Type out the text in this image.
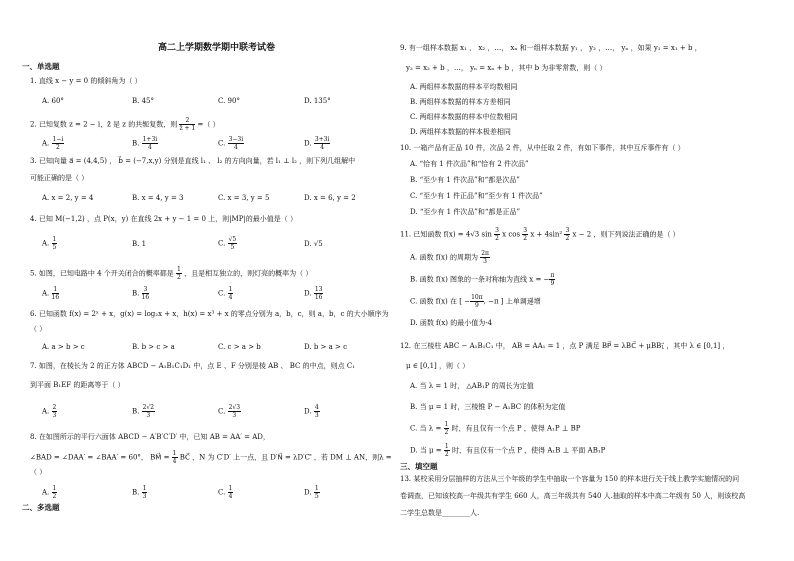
高二上学期数学期中联考试卷
一、单选题
1. 直线 x − y = 0 的倾斜角为（ ）
A. 60°	B. 45°	C. 90°	D. 135°
2. 已知复数 z = 2 − i，z̄ 是 z 的共轭复数，则 $\frac{2}{z̄ + 1}$ =（ ）
A. $\frac{1-i}{2}$	B. $\frac{1+3i}{4}$	C. $\frac{3-3i}{4}$	D. $\frac{3+3i}{4}$
3. 已知向量 a⃗ = (4,4,5) ， b⃗ = (−7,x,y) 分别是直线 l₁ 、 l₂ 的方向向量，若 l₁ ⊥ l₂ ，则下列几组解中
可能正确的是（ ）
A. x = 2, y = 4	B. x = 4, y = 3	C. x = 3, y = 5	D. x = 6, y = 2
4. 已知 M(−1,2) ，点 P(x，y) 在直线 2x + y − 1 = 0 上，则|MP|的最小值是（ ）
A. $\frac{1}{5}$	B. 1	C. $\frac{√5}{5}$	D. √5
5. 如图，已知电路中 4 个开关闭合的概率都是 $\frac{1}{2}$ ，且是相互独立的，则灯亮的概率为（ ）
A. $\frac{1}{16}$	B. $\frac{3}{16}$	C. $\frac{1}{4}$	D. $\frac{13}{16}$
6. 已知函数 f(x) = 2ˣ + x，g(x) = log₂x + x，h(x) = x³ + x 的零点分别为 a，b，c，则 a，b，c 的大小顺序为
（ ）
A. a > b > c	B. b > c > a	C. c > a > b	D. b > a > c
7. 如图，在棱长为 2 的正方体 ABCD − A₁B₁C₁D₁ 中，点 E 、F 分别是棱 AB 、 BC 的中点，则点 C₁
到平面 B₁EF 的距离等于（ ）
A. $\frac{2}{3}$	B. $\frac{2√2}{3}$	C. $\frac{2√3}{3}$	D. $\frac{4}{3}$
8. 在如图所示的平行六面体 ABCD − A′B′C′D′ 中，已知 AB = AA′ = AD，
∠BAD = ∠DAA′ = ∠BAA′ = 60°， BM⃗ = $\frac{1}{4}$ BC⃗ ，N 为 C′D′ 上一点，且 D′N⃗ = λD′C′⃗ ，若 DM ⊥ AN，则λ =
（ ）
A. $\frac{1}{2}$	B. $\frac{1}{3}$	C. $\frac{1}{4}$	D. $\frac{1}{5}$
二、多选题
9. 有一组样本数据 x₁ ， x₂ ，…， xₙ 和一组样本数据 y₁ ， y₂ ，…， yₙ ，如果 y₁ = x₁ + b ，
y₂ = x₂ + b ，…， yₙ = xₙ + b ，其中 b 为非零常数，则（ ）
A. 两组样本数据的样本平均数相同
B. 两组样本数据的样本方差相同
C. 两组样本数据的样本中位数相同
D. 两组样本数据的样本极差相同
10. 一箱产品有正品 10 件，次品 2 件，从中任取 2 件，有如下事件，其中互斥事件有（ ）
A. “恰有 1 件次品”和“恰有 2 件次品”
B. “至少有 1 件次品”和“都是次品”
C. “至少有 1 件正品”和“至少有 1 件次品”
D. “至少有 1 件次品”和“都是正品”
11. 已知函数 f(x) = 4√3 $\sin \frac{3}{2}$ x $\cos \frac{3}{2}$ $x + 4\sin^2 \frac{3}{2}$ x − 2 ，则下列说法正确的是（ ）
A. 函数 f(x) 的周期为 $\frac{2\pi}{3}$
B. 函数 f(x) 图象的一条对称轴为直线 x = − $\frac{\pi}{9}$
C. 函数 f(x) 在 [ − $\frac{10\pi}{9}$ , −π ] 上单调递增
D. 函数 f(x) 的最小值为-4
12. 在三棱柱 ABC − A₁B₁C₁ 中， AB = AA₁ = 1 ，点 P 满足 BP⃗ = λBC⃗ + μBB₁⃗ ，其中 λ ∈ [0,1] ，
μ ∈ [0,1] ，则（ ）
A. 当 λ = 1 时， △AB₁P 的周长为定值
B. 当 μ = 1 时，三棱锥 P − A₁BC 的体积为定值
C. 当 $\lambda = \frac{1}{2}$ 时，有且仅有一个点 P ，使得 A₁P ⊥ BP
D. 当 $\mu = \frac{1}{2}$ 时，有且仅有一个点 P ，使得 A₁B ⊥ 平面 AB₁P
三、填空题
13. 某校采用分层抽样的方法从三个年级的学生中抽取一个容量为 150 的样本进行关于线上教学实施情况的问
卷调查，已知该校高一年级共有学生 660 人，高三年级共有 540 人.抽取的样本中高二年级有 50 人，则该校高
二学生总数是________人.
